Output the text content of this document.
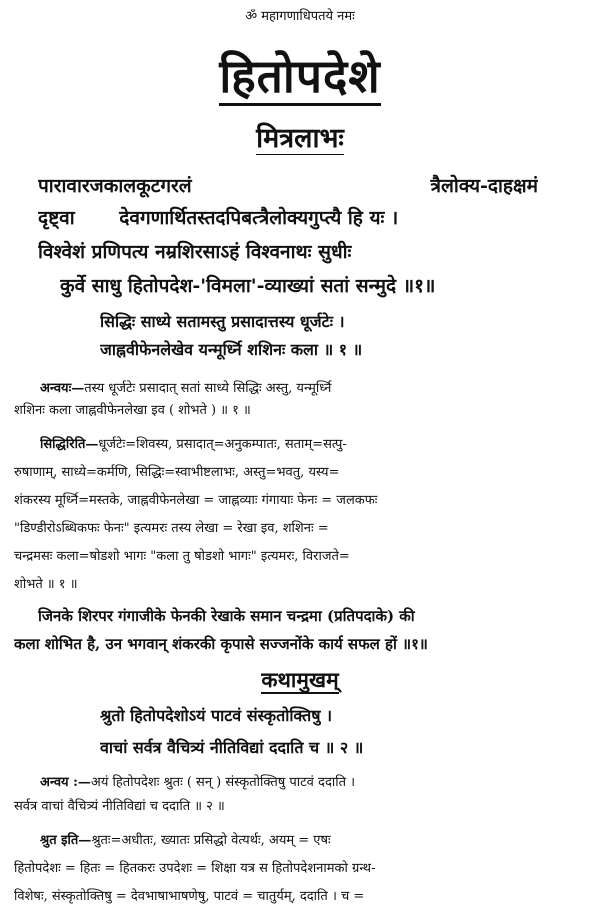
ॐ महागणाधिपतये नमः
हितोपदेशे
मित्रलाभः
पारावारजकालकूटगरलं	त्रैलोक्य-दाहक्षमं
दृष्ट्वा देवगणार्थितस्तदपिबत्त्रैलोक्यगुप्त्यै हि यः ।
विश्वेशं प्रणिपत्य नम्रशिरसाऽहं विश्वनाथः सुधीः
कुर्वे साधु हितोपदेश-'विमला'-व्याख्यां सतां सन्मुदे ॥१॥
सिद्धिः साध्ये सतामस्तु प्रसादात्तस्य धूर्जटेः ।
जाह्नवीफेनलेखेव यन्मूर्ध्नि शशिनः कला ॥ १ ॥
अन्वयः—तस्य धूर्जटेः प्रसादात् सतां साध्ये सिद्धिः अस्तु, यन्मूर्ध्नि
शशिनः कला जाह्नवीफेनलेखा इव ( शोभते ) ॥ १ ॥
सिद्धिरिति—धूर्जटेः=शिवस्य, प्रसादात्=अनुकम्पातः, सताम्=सत्पु-
रुषाणाम्, साध्ये=कर्मणि, सिद्धिः=स्वाभीष्टलाभः, अस्तु=भवतु, यस्य=
शंकरस्य मूर्ध्नि=मस्तके, जाह्नवीफेनलेखा = जाह्नव्याः गंगायाः फेनः = जलकफः
"डिण्डीरोऽब्धिकफः फेनः" इत्यमरः तस्य लेखा = रेखा इव, शशिनः =
चन्द्रमसः कला=षोडशो भागः "कला तु षोडशो भागः" इत्यमरः, विराजते=
शोभते ॥ १ ॥
जिनके शिरपर गंगाजीके फेनकी रेखाके समान चन्द्रमा (प्रतिपदाके) की
कला शोभित है, उन भगवान् शंकरकी कृपासे सज्जनोंके कार्य सफल हों ॥१॥
कथामुखम्
श्रुतो हितोपदेशोऽयं पाटवं संस्कृतोक्तिषु ।
वाचां सर्वत्र वैचित्र्यं नीतिविद्यां ददाति च ॥ २ ॥
अन्वय :—अयं हितोपदेशः श्रुतः ( सन् ) संस्कृतोक्तिषु पाटवं ददाति ।
सर्वत्र वाचां वैचित्र्यं नीतिविद्यां च ददाति ॥ २ ॥
श्रुत इति—श्रुतः=अधीतः, ख्यातः प्रसिद्धो वेत्यर्थः, अयम् = एषः
हितोपदेशः = हितः = हितकरः उपदेशः = शिक्षा यत्र स हितोपदेशनामको ग्रन्थ-
विशेषः, संस्कृतोक्तिषु = देवभाषाभाषणेषु, पाटवं = चातुर्यम्, ददाति । च =
